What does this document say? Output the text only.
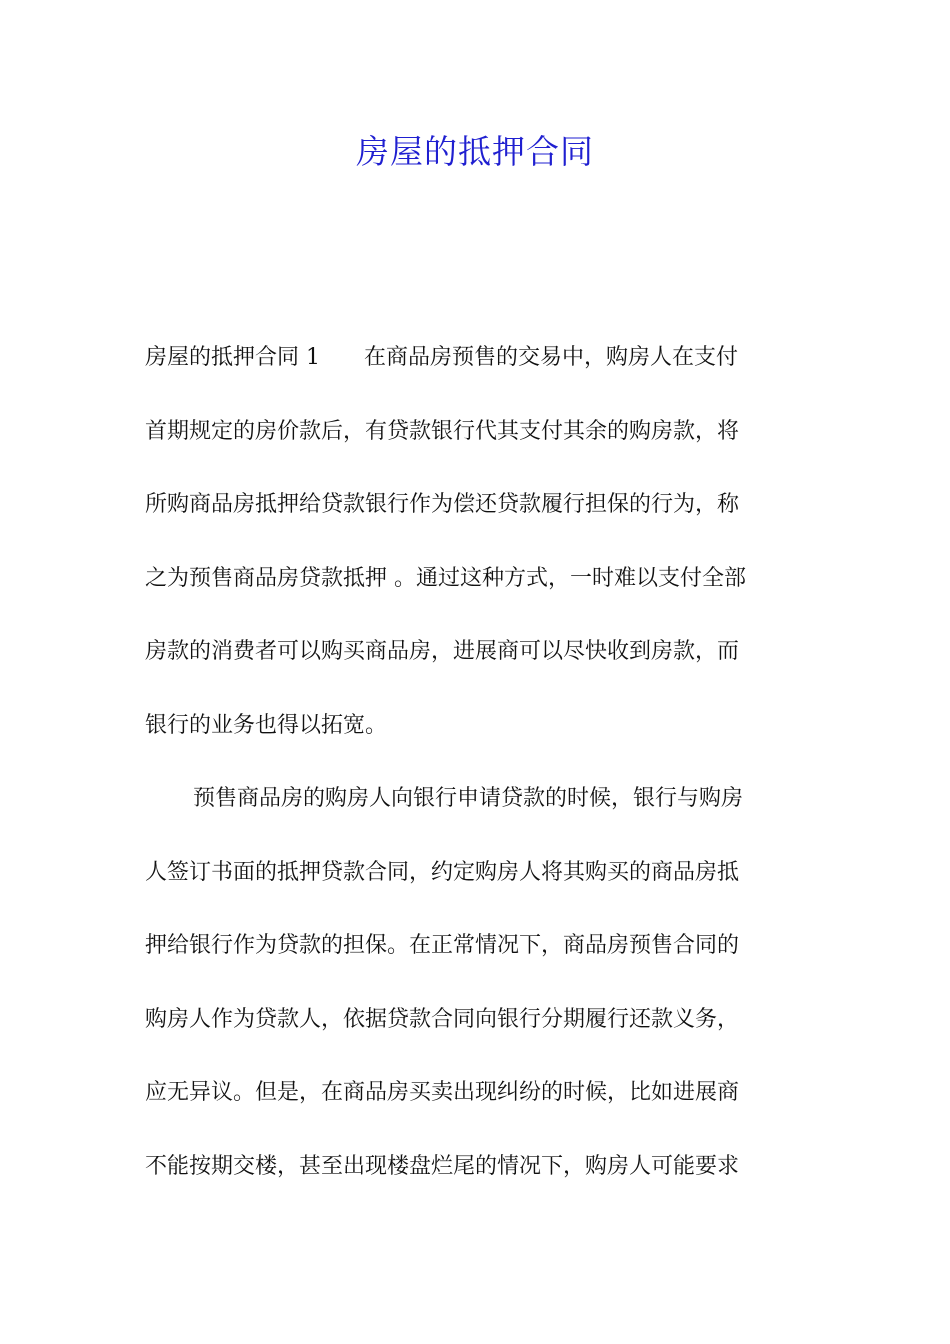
房屋的抵押合同
房屋的抵押合同 1　　在商品房预售的交易中，购房人在支付
首期规定的房价款后，有贷款银行代其支付其余的购房款，将
所购商品房抵押给贷款银行作为偿还贷款履行担保的行为，称
之为预售商品房贷款抵押 。通过这种方式，一时难以支付全部
房款的消费者可以购买商品房，进展商可以尽快收到房款，而
银行的业务也得以拓宽。
预售商品房的购房人向银行申请贷款的时候，银行与购房
人签订书面的抵押贷款合同，约定购房人将其购买的商品房抵
押给银行作为贷款的担保。在正常情况下，商品房预售合同的
购房人作为贷款人，依据贷款合同向银行分期履行还款义务，
应无异议。但是，在商品房买卖出现纠纷的时候，比如进展商
不能按期交楼，甚至出现楼盘烂尾的情况下，购房人可能要求
